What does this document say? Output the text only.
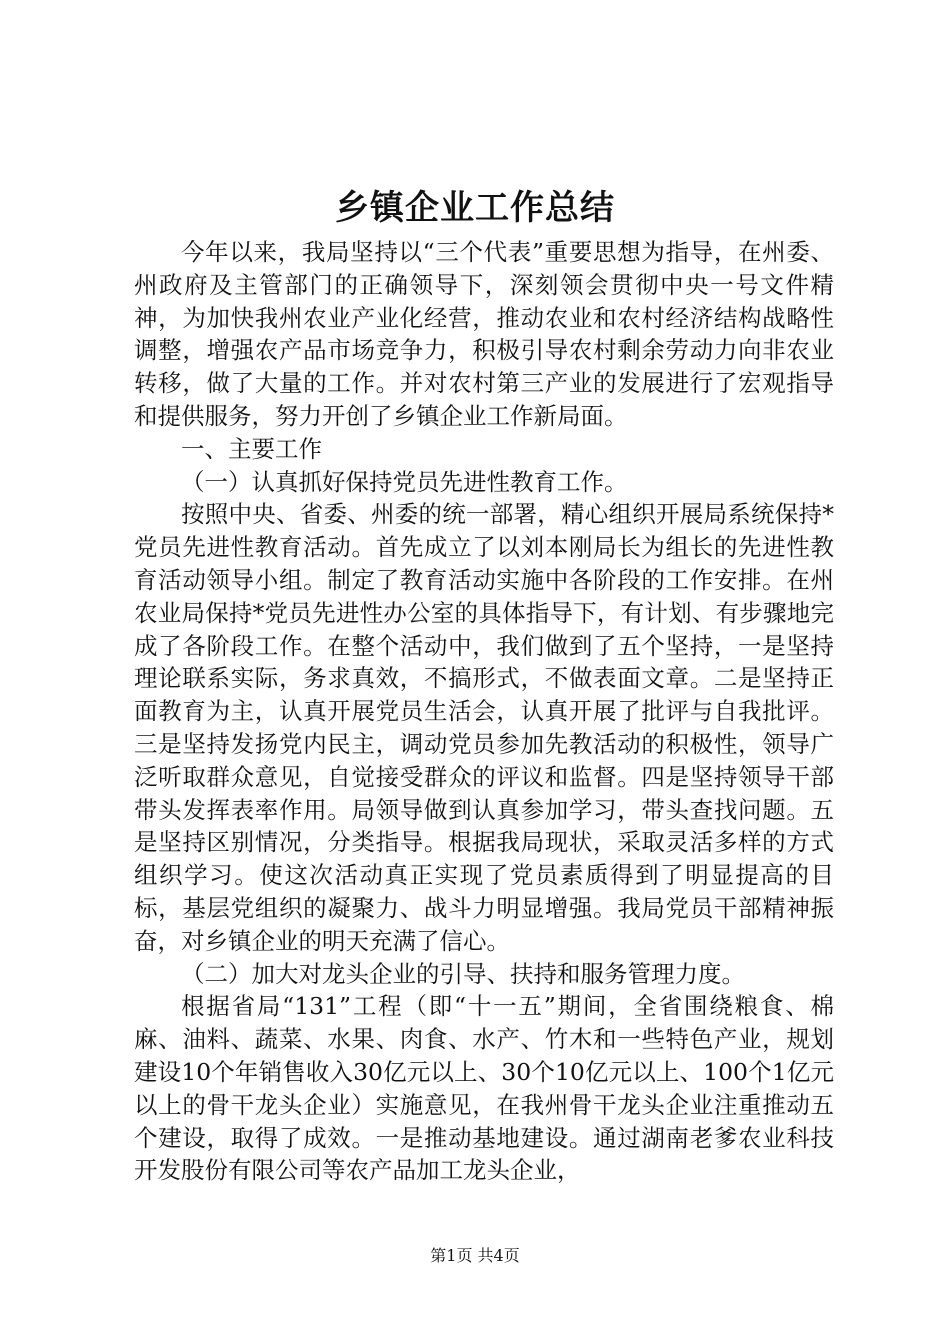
乡镇企业工作总结

今年以来，我局坚持以“三个代表”重要思想为指导，在州委、州政府及主管部门的正确领导下，深刻领会贯彻中央一号文件精神，为加快我州农业产业化经营，推动农业和农村经济结构战略性调整，增强农产品市场竞争力，积极引导农村剩余劳动力向非农业转移，做了大量的工作。并对农村第三产业的发展进行了宏观指导和提供服务，努力开创了乡镇企业工作新局面。

一、主要工作

（一）认真抓好保持党员先进性教育工作。

按照中央、省委、州委的统一部署，精心组织开展局系统保持*党员先进性教育活动。首先成立了以刘本刚局长为组长的先进性教育活动领导小组。制定了教育活动实施中各阶段的工作安排。在州农业局保持*党员先进性办公室的具体指导下，有计划、有步骤地完成了各阶段工作。在整个活动中，我们做到了五个坚持，一是坚持理论联系实际，务求真效，不搞形式，不做表面文章。二是坚持正面教育为主，认真开展党员生活会，认真开展了批评与自我批评。三是坚持发扬党内民主，调动党员参加先教活动的积极性，领导广泛听取群众意见，自觉接受群众的评议和监督。四是坚持领导干部带头发挥表率作用。局领导做到认真参加学习，带头查找问题。五是坚持区别情况，分类指导。根据我局现状，采取灵活多样的方式组织学习。使这次活动真正实现了党员素质得到了明显提高的目标，基层党组织的凝聚力、战斗力明显增强。我局党员干部精神振奋，对乡镇企业的明天充满了信心。

（二）加大对龙头企业的引导、扶持和服务管理力度。

根据省局“131”工程（即“十一五”期间，全省围绕粮食、棉麻、油料、蔬菜、水果、肉食、水产、竹木和一些特色产业，规划建设10个年销售收入30亿元以上、30个10亿元以上、100个1亿元以上的骨干龙头企业）实施意见，在我州骨干龙头企业注重推动五个建设，取得了成效。一是推动基地建设。通过湖南老爹农业科技开发股份有限公司等农产品加工龙头企业，

第1页 共4页
